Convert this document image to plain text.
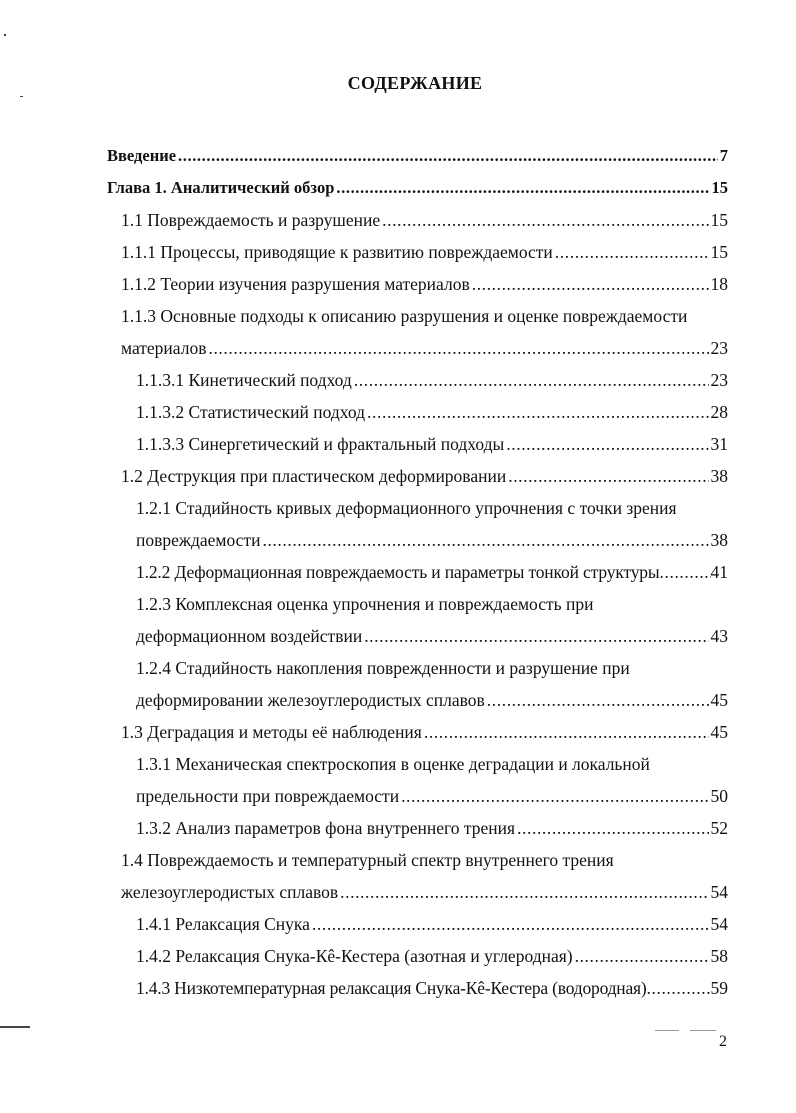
СОДЕРЖАНИЕ
Введение .....	7
Глава 1. Аналитический обзор .....	15
1.1 Повреждаемость и разрушение .....	15
1.1.1 Процессы, приводящие к развитию повреждаемости .....	15
1.1.2 Теории изучения разрушения материалов .....	18
1.1.3 Основные подходы к описанию разрушения и оценке повреждаемости
материалов .....	23
1.1.3.1 Кинетический подход .....	23
1.1.3.2 Статистический подход .....	28
1.1.3.3 Синергетический и фрактальный подходы .....	31
1.2 Деструкция при пластическом деформировании .....	38
1.2.1 Стадийность кривых деформационного упрочнения с точки зрения
повреждаемости .....	38
1.2.2 Деформационная повреждаемость и параметры тонкой структуры .....	41
1.2.3 Комплексная оценка упрочнения и повреждаемость при
деформационном воздействии .....	43
1.2.4 Стадийность накопления поврежденности и разрушение при
деформировании железоуглеродистых сплавов .....	45
1.3 Деградация и методы её наблюдения .....	45
1.3.1 Механическая спектроскопия в оценке деградации и локальной
предельности при повреждаемости .....	50
1.3.2 Анализ параметров фона внутреннего трения .....	52
1.4 Повреждаемость и температурный спектр внутреннего трения
железоуглеродистых сплавов .....	54
1.4.1 Релаксация Снука .....	54
1.4.2 Релаксация Снука-Кê-Кестера (азотная и углеродная) .....	58
1.4.3 Низкотемпературная релаксация Снука-Кê-Кестера (водородная) .....	59
2
